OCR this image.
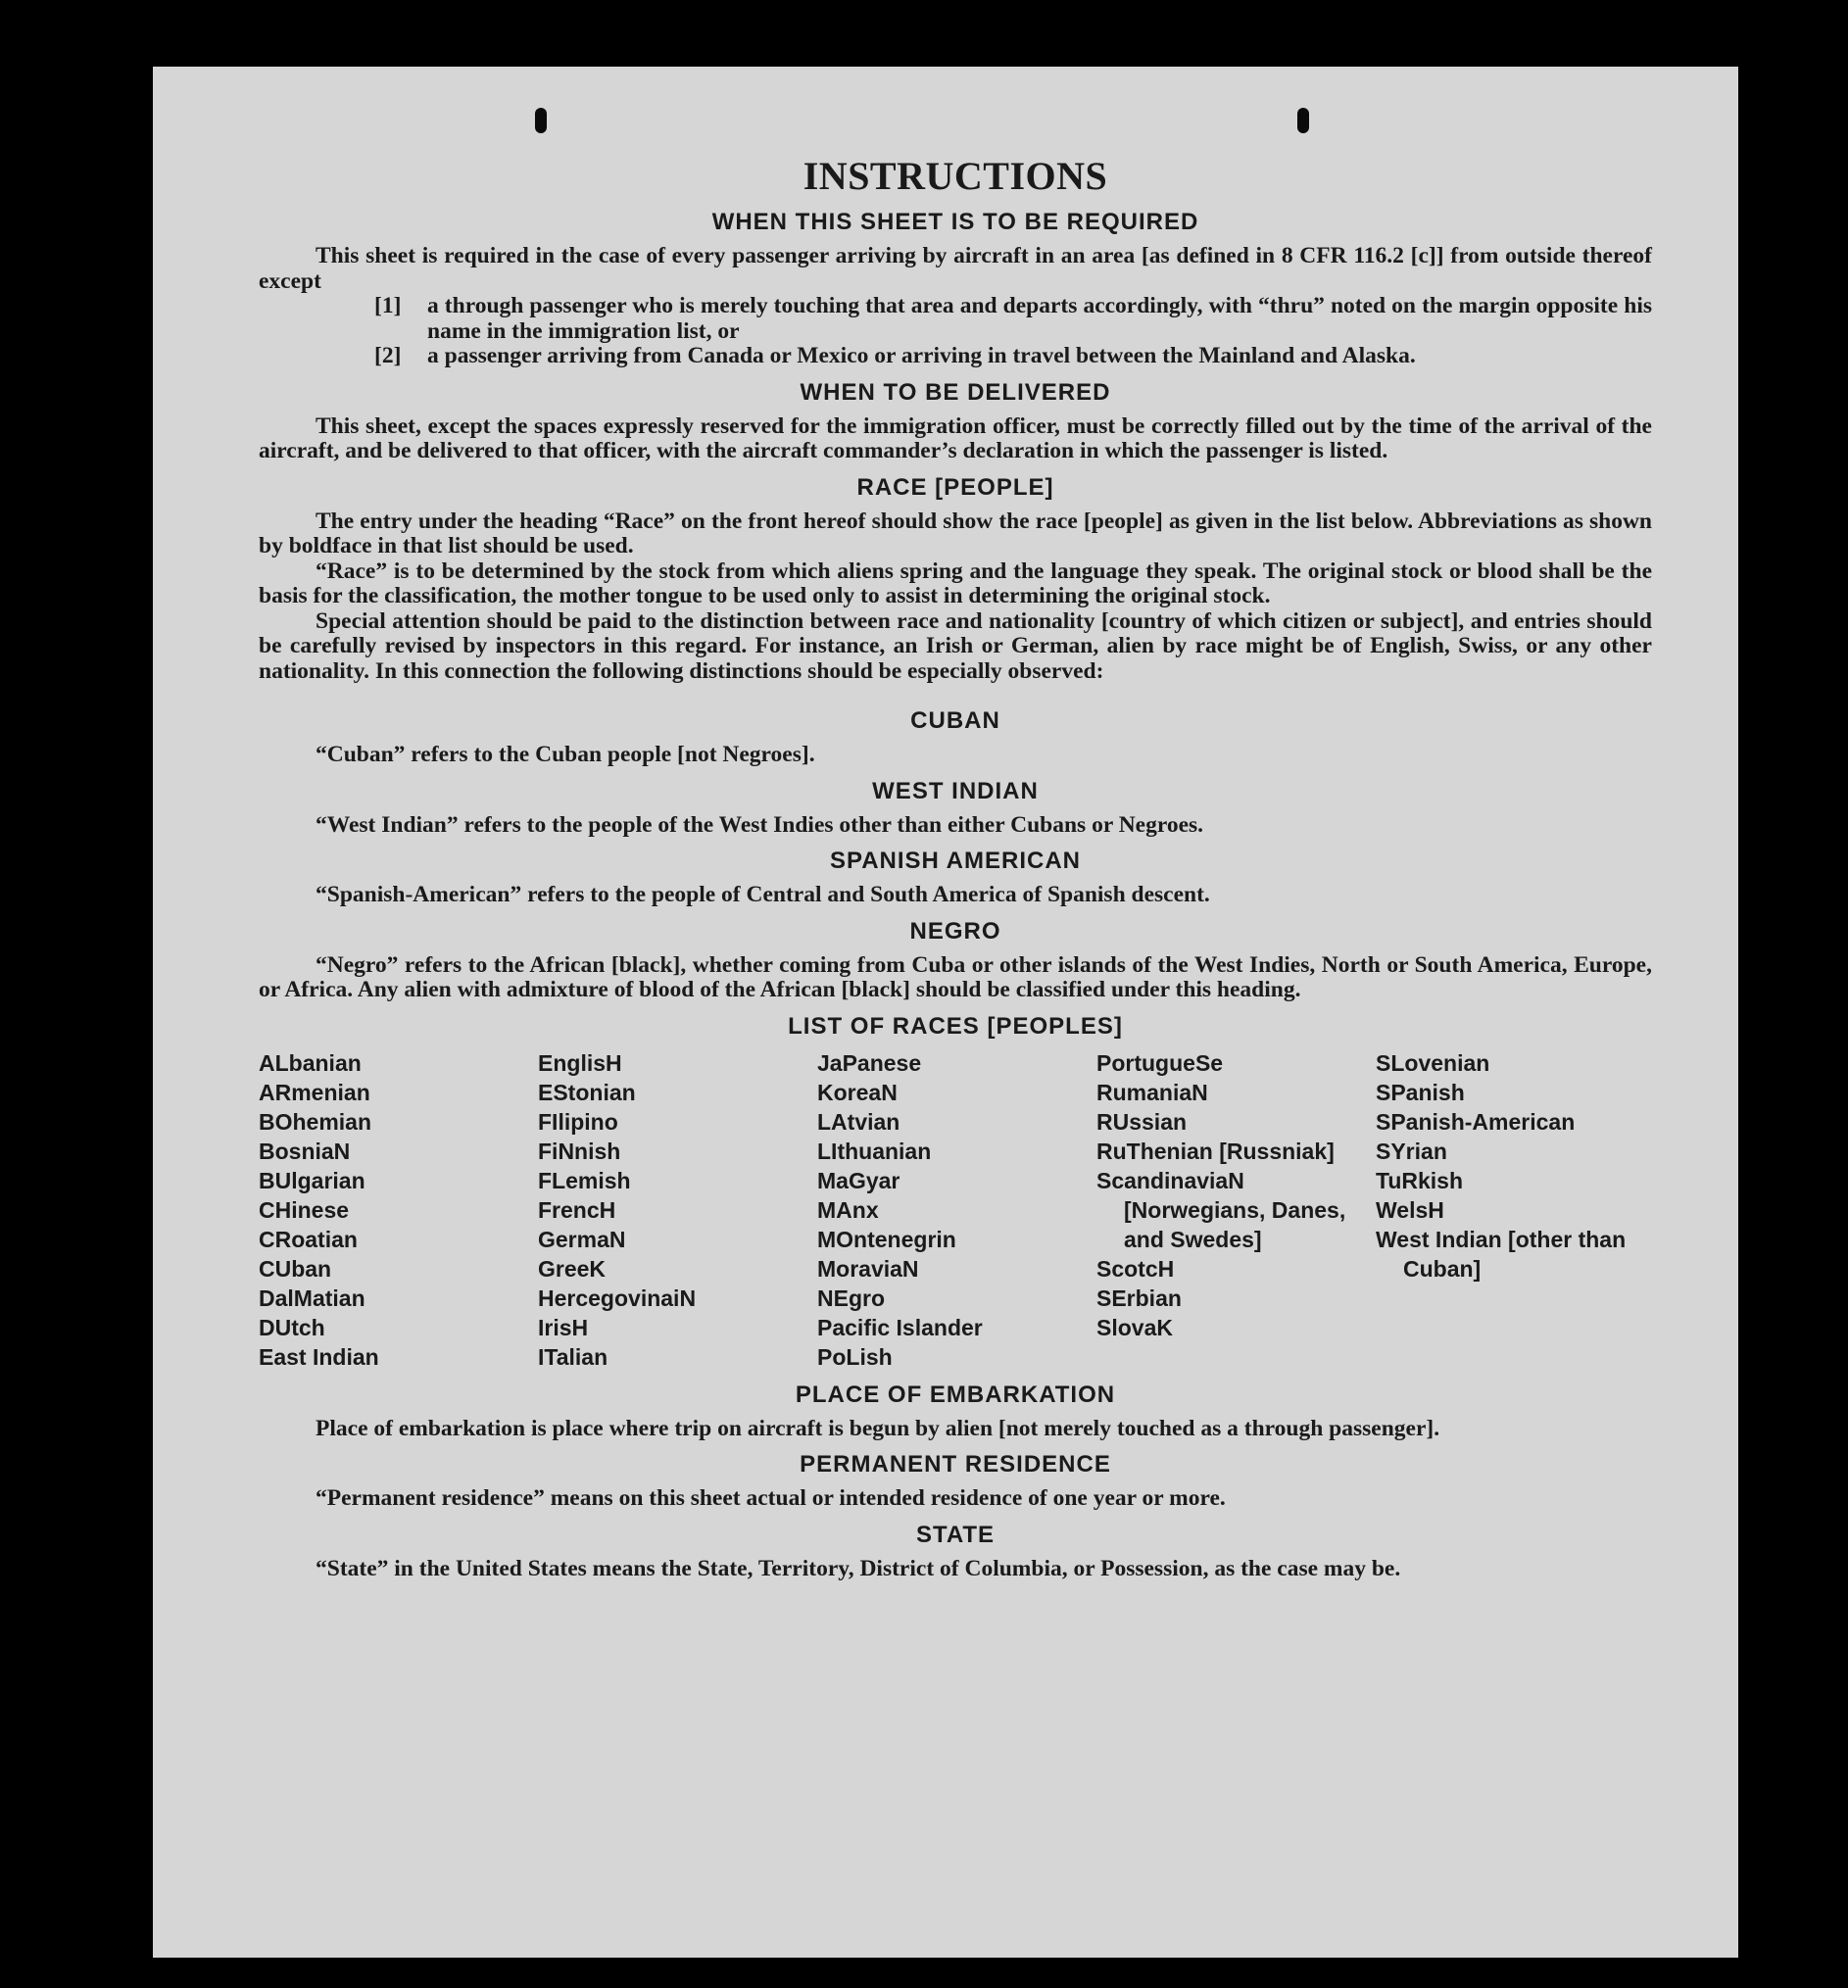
INSTRUCTIONS
WHEN THIS SHEET IS TO BE REQUIRED

This sheet is required in the case of every passenger arriving by aircraft in an area [as defined in 8 CFR 116.2 [c]] from outside thereof except

[1]	a through passenger who is merely touching that area and departs accordingly, with “thru” noted on the margin opposite his name in the immigration list, or

[2]	a passenger arriving from Canada or Mexico or arriving in travel between the Mainland and Alaska.

WHEN TO BE DELIVERED

This sheet, except the spaces expressly reserved for the immigration officer, must be correctly filled out by the time of the arrival of the aircraft, and be delivered to that officer, with the aircraft commander’s declaration in which the passenger is listed.

RACE [PEOPLE]

The entry under the heading “Race” on the front hereof should show the race [people] as given in the list below. Abbreviations as shown by boldface in that list should be used.

“Race” is to be determined by the stock from which aliens spring and the language they speak. The original stock or blood shall be the basis for the classification, the mother tongue to be used only to assist in determining the original stock.

Special attention should be paid to the distinction between race and nationality [country of which citizen or subject], and entries should be carefully revised by inspectors in this regard. For instance, an Irish or German, alien by race might be of English, Swiss, or any other nationality. In this connection the following distinctions should be especially observed:

CUBAN

“Cuban” refers to the Cuban people [not Negroes].

WEST INDIAN

“West Indian” refers to the people of the West Indies other than either Cubans or Negroes.

SPANISH AMERICAN

“Spanish-American” refers to the people of Central and South America of Spanish descent.

NEGRO

“Negro” refers to the African [black], whether coming from Cuba or other islands of the West Indies, North or South America, Europe, or Africa. Any alien with admixture of blood of the African [black] should be classified under this heading.

LIST OF RACES [PEOPLES]
ALbanian
ARmenian
BOhemian
BosniaN
BUlgarian
CHinese
CRoatian
CUban
DalMatian
DUtch
East Indian
EnglisH
EStonian
FIlipino
FiNnish
FLemish
FrencH
GermaN
GreeK
HercegovinaiN
IrisH
ITalian
JaPanese
KoreaN
LAtvian
LIthuanian
MaGyar
MAnx
MOntenegrin
MoraviaN
NEgro
Pacific Islander
PoLish
PortugueSe
RumaniaN
RUssian
RuThenian [Russniak]
ScandinaviaN [Norwegians, Danes, and Swedes]
ScotcH
SErbian
SlovaK
SLovenian
SPanish
SPanish-American
SYrian
TuRkish
WelsH
West Indian [other than Cuban]
PLACE OF EMBARKATION

Place of embarkation is place where trip on aircraft is begun by alien [not merely touched as a through passenger].

PERMANENT RESIDENCE

“Permanent residence” means on this sheet actual or intended residence of one year or more.

STATE

“State” in the United States means the State, Territory, District of Columbia, or Possession, as the case may be.
